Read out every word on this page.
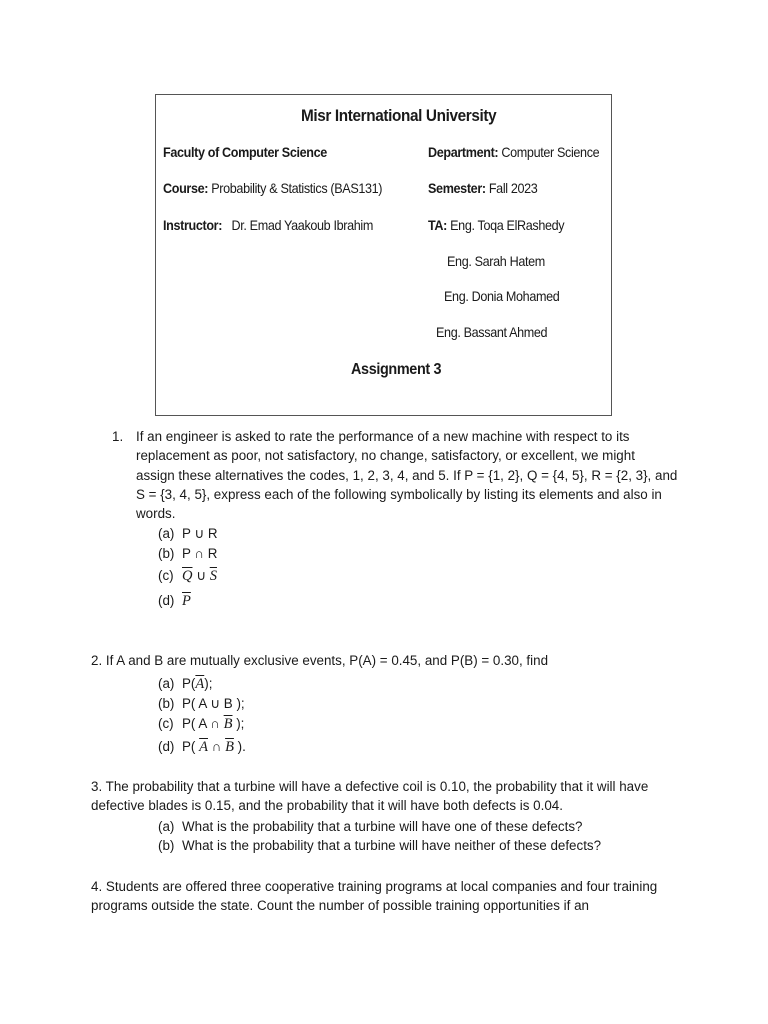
Misr International University
Faculty of Computer Science	Department: Computer Science
Course: Probability & Statistics (BAS131)	Semester: Fall 2023
Instructor: Dr. Emad Yaakoub Ibrahim	TA: Eng. Toqa ElRashedy
Eng. Sarah Hatem
Eng. Donia Mohamed
Eng. Bassant Ahmed
Assignment 3
1. If an engineer is asked to rate the performance of a new machine with respect to its
replacement as poor, not satisfactory, no change, satisfactory, or excellent, we might
assign these alternatives the codes, 1, 2, 3, 4, and 5. If P = {1, 2}, Q = {4, 5}, R = {2, 3}, and
S = {3, 4, 5}, express each of the following symbolically by listing its elements and also in
words.
(a) P ∪ R
(b) P ∩ R
(c) $\overline{Q}$ ∪ $\overline{S}$
(d) $\overline{P}$
2. If A and B are mutually exclusive events, P(A) = 0.45, and P(B) = 0.30, find
(a) $P(\overline{A})$;
(b) P( A ∪ B );
(c) P( A ∩ $\overline{B}$ );
(d) P( $\overline{A}$ ∩ $\overline{B}$ ).
3. The probability that a turbine will have a defective coil is 0.10, the probability that it will have
defective blades is 0.15, and the probability that it will have both defects is 0.04.
(a) What is the probability that a turbine will have one of these defects?
(b) What is the probability that a turbine will have neither of these defects?
4. Students are offered three cooperative training programs at local companies and four training
programs outside the state. Count the number of possible training opportunities if an
